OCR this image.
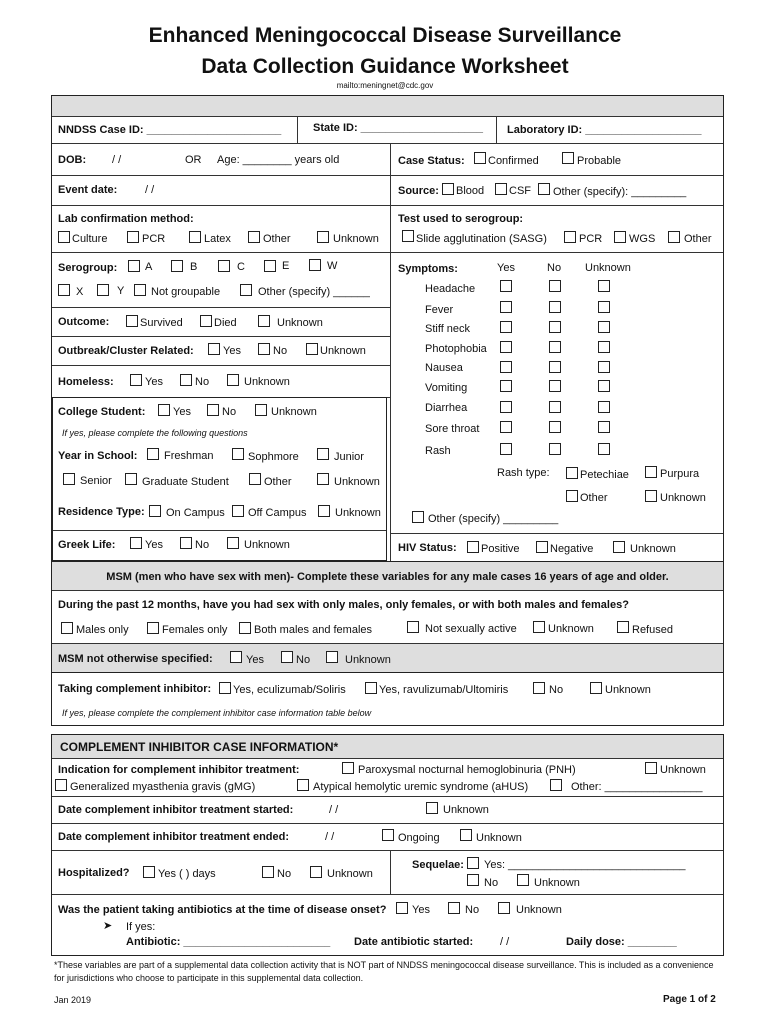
Enhanced Meningococcal Disease Surveillance
Data Collection Guidance Worksheet
mailto:meningnet@cdc.gov
NNDSS Case ID: ______________________	State ID: ____________________ Laboratory ID: ___________________
DOB: / /	OR Age: ________ years old	Case Status: Confirmed	Probable
Event date:	/ /	Source: Blood CSF Other (specify): _________
Lab confirmation method:
Culture	PCR	Latex	Other	Unknown
Test used to serogroup:
Slide agglutination (SASG)	PCR WGS	Other
Serogroup:	A	B	C	E	W
X	Y Not groupable	Other (specify) ______
Outcome:	Survived	Died	Unknown
Outbreak/Cluster Related:	Yes	No	Unknown
Homeless:	Yes	No	Unknown
College Student:	Yes	No	Unknown
If yes, please complete the following questions
Year in School: Freshman	Sophmore	Junior
Senior	Graduate Student	Other	Unknown
Residence Type: On Campus Off Campus	Unknown
Greek Life:	Yes	No	Unknown
Symptoms:	Yes	No Unknown
Headache
Fever
Stiff neck
Photophobia
Nausea
Vomiting
Diarrhea
Sore throat
Rash
Rash type:	Petechiae	Purpura
Other	Unknown
Other (specify) _________
HIV Status: Positive	Negative	Unknown
MSM (men who have sex with men)- Complete these variables for any male cases 16 years of age and older.
During the past 12 months, have you had sex with only males, only females, or with both males and females?
Males only	Females only Both males and females	Not sexually active	Unknown	Refused
MSM not otherwise specified:	Yes	No	Unknown
Taking complement inhibitor: Yes, eculizumab/Soliris	Yes, ravulizumab/Ultomiris	No	Unknown
If yes, please complete the complement inhibitor case information table below
COMPLEMENT INHIBITOR CASE INFORMATION*
Indication for complement inhibitor treatment:	Paroxysmal nocturnal hemoglobinuria (PNH)	Unknown
Generalized myasthenia gravis (gMG)	Atypical hemolytic uremic syndrome (aHUS)	Other: ________________
Date complement inhibitor treatment started:	/ /	Unknown
Date complement inhibitor treatment ended:	/ /	Ongoing	Unknown
Hospitalized?	Yes ( ) days	No	Unknown
Sequelae: Yes: _____________________________
No	Unknown
Was the patient taking antibiotics at the time of disease onset? Yes	No	Unknown
➤ If yes:
Antibiotic: ________________________ Date antibiotic started: / /	Daily dose: ________
*These variables are part of a supplemental data collection activity that is NOT part of NNDSS meningococcal disease surveillance. This is included as a convenience for jurisdictions who choose to participate in this supplemental data collection.
Jan 2019	Page 1 of 2
